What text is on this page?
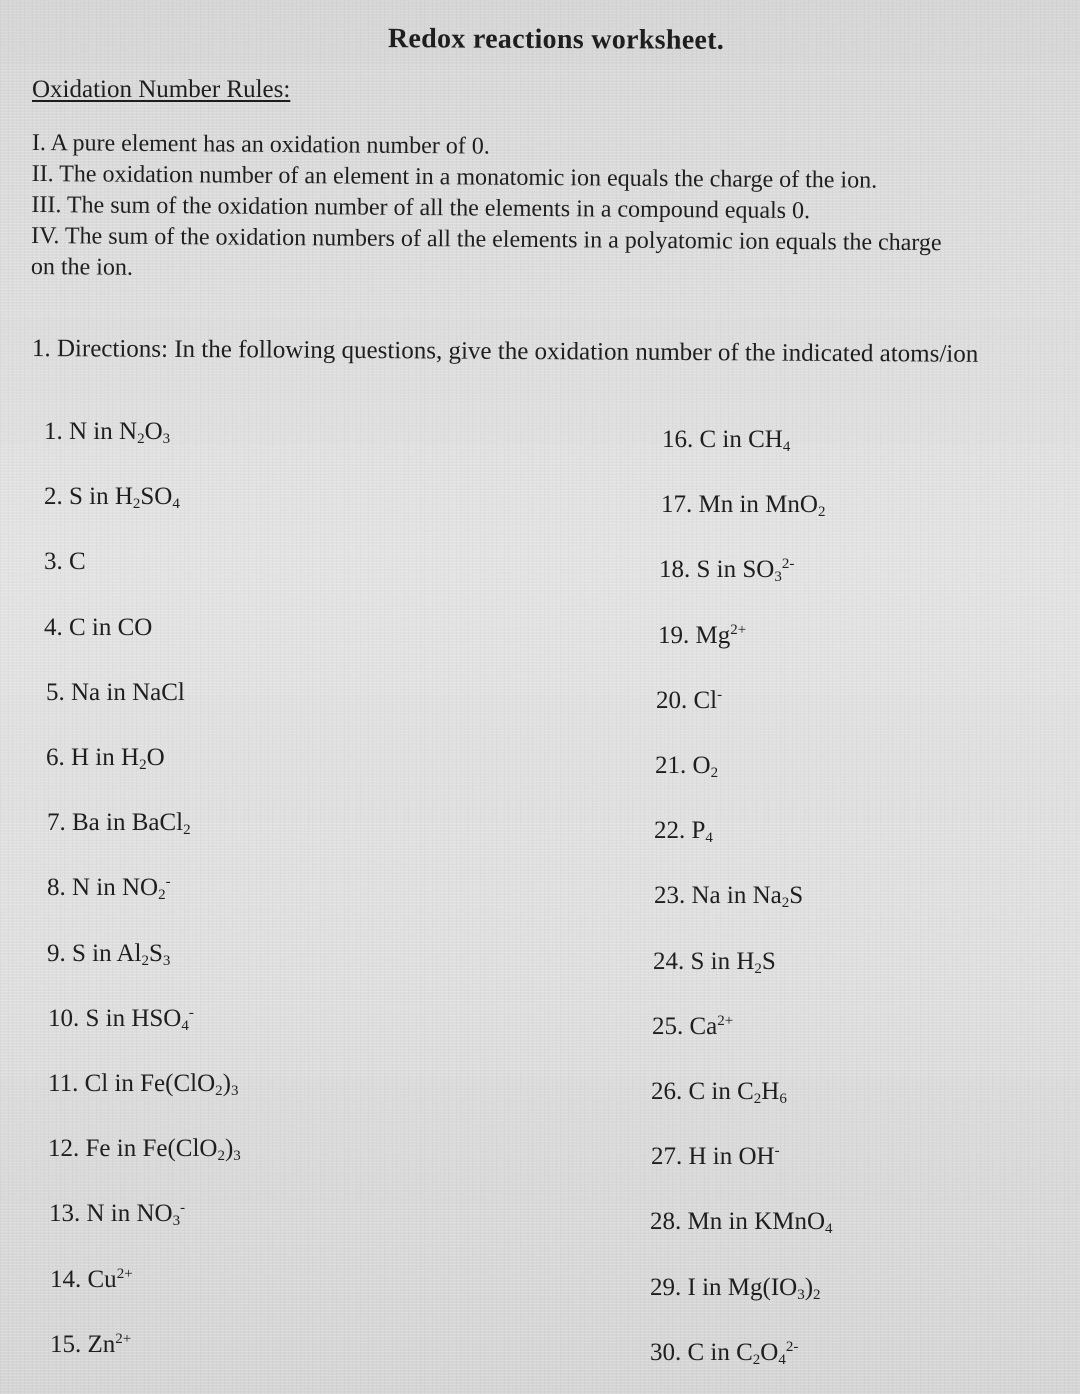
Redox reactions worksheet.
Oxidation Number Rules:
I. A pure element has an oxidation number of 0.
II. The oxidation number of an element in a monatomic ion equals the charge of the ion.
III. The sum of the oxidation number of all the elements in a compound equals 0.
IV. The sum of the oxidation numbers of all the elements in a polyatomic ion equals the charge
on the ion.
1. Directions: In the following questions, give the oxidation number of the indicated atoms/ion
1. N in $N_2O_3$
2. S in $H_2SO_4$
3. C
4. C in CO
5. Na in NaCl
6. H in $H_2O$
7. Ba in BaCl$_2$
8. N in $NO_2^-$
9. S in $Al_2S_3$
10. S in $HSO_4^-$
11. Cl in $Fe(ClO_2)_3$
12. Fe in $Fe(ClO_2)_3$
13. N in $NO_3^-$
14. $Cu^{2+}$
15. $Zn^{2+}$
16. C in $CH_4$
17. Mn in MnO$_2$
18. S in $SO_3^{2-}$
19. $Mg^{2+}$
20. Cl-
21. $O_2$
22. $P_4$
23. Na in $Na_2S$
24. S in $H_2S$
25. $Ca^{2+}$
26. C in $C_2H_6$
27. H in OH-
28. Mn in KMnO$_4$
29. I in $Mg(IO_3)_2$
30. C in $C_2O_4^{2-}$
